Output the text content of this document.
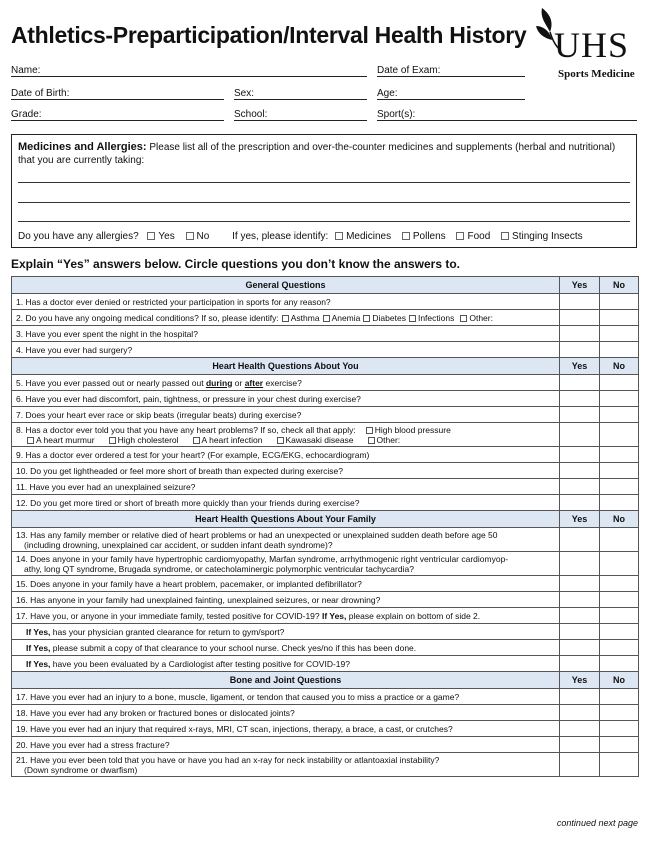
Athletics-Preparticipation/Interval Health History UHS
Sports Medicine
Name:	Date of Exam:
Date of Birth:	Sex:	Age:
Grade:	School:	Sport(s):
Medicines and Allergies: Please list all of the prescription and over-the-counter medicines and supplements (herbal and nutritional) that you are currently taking:
Do you have any allergies? Yes No If yes, please identify: Medicines Pollens Food Stinging Insects
Explain “Yes” answers below. Circle questions you don’t know the answers to.
General Questions	Yes	No
1. Has a doctor ever denied or restricted your participation in sports for any reason?		
2. Do you have any ongoing medical conditions? If so, please identify: Asthma Anemia Diabetes Infections Other:		
3. Have you ever spent the night in the hospital?		
4. Have you ever had surgery?		
Heart Health Questions About You	Yes	No
5. Have you ever passed out or nearly passed out during or after exercise?		
6. Have you ever had discomfort, pain, tightness, or pressure in your chest during exercise?		
7. Does your heart ever race or skip beats (irregular beats) during exercise?		
8. Has a doctor ever told you that you have any heart problems? If so, check all that apply: High blood pressure
A heart murmur High cholesterol A heart infection Kawasaki disease Other:		
9. Has a doctor ever ordered a test for your heart? (For example, ECG/EKG, echocardiogram)		
10. Do you get lightheaded or feel more short of breath than expected during exercise?		
11. Have you ever had an unexplained seizure?		
12. Do you get more tired or short of breath more quickly than your friends during exercise?		
Heart Health Questions About Your Family	Yes	No
13. Has any family member or relative died of heart problems or had an unexpected or unexplained sudden death before age 50
(including drowning, unexplained car accident, or sudden infant death syndrome)?		
14. Does anyone in your family have hypertrophic cardiomyopathy, Marfan syndrome, arrhythmogenic right ventricular cardiomyop-
athy, long QT syndrome, Brugada syndrome, or catecholaminergic polymorphic ventricular tachycardia?		
15. Does anyone in your family have a heart problem, pacemaker, or implanted defibrillator?		
16. Has anyone in your family had unexplained fainting, unexplained seizures, or near drowning?		
17. Have you, or anyone in your immediate family, tested positive for COVID-19? If Yes, please explain on bottom of side 2.		
If Yes, has your physician granted clearance for return to gym/sport?		
If Yes, please submit a copy of that clearance to your school nurse. Check yes/no if this has been done.		
If Yes, have you been evaluated by a Cardiologist after testing positive for COVID-19?		
Bone and Joint Questions	Yes	No
17. Have you ever had an injury to a bone, muscle, ligament, or tendon that caused you to miss a practice or a game?		
18. Have you ever had any broken or fractured bones or dislocated joints?		
19. Have you ever had an injury that required x-rays, MRI, CT scan, injections, therapy, a brace, a cast, or crutches?		
20. Have you ever had a stress fracture?		
21. Have you ever been told that you have or have you had an x-ray for neck instability or atlantoaxial instability?
(Down syndrome or dwarfism)		
continued next page
